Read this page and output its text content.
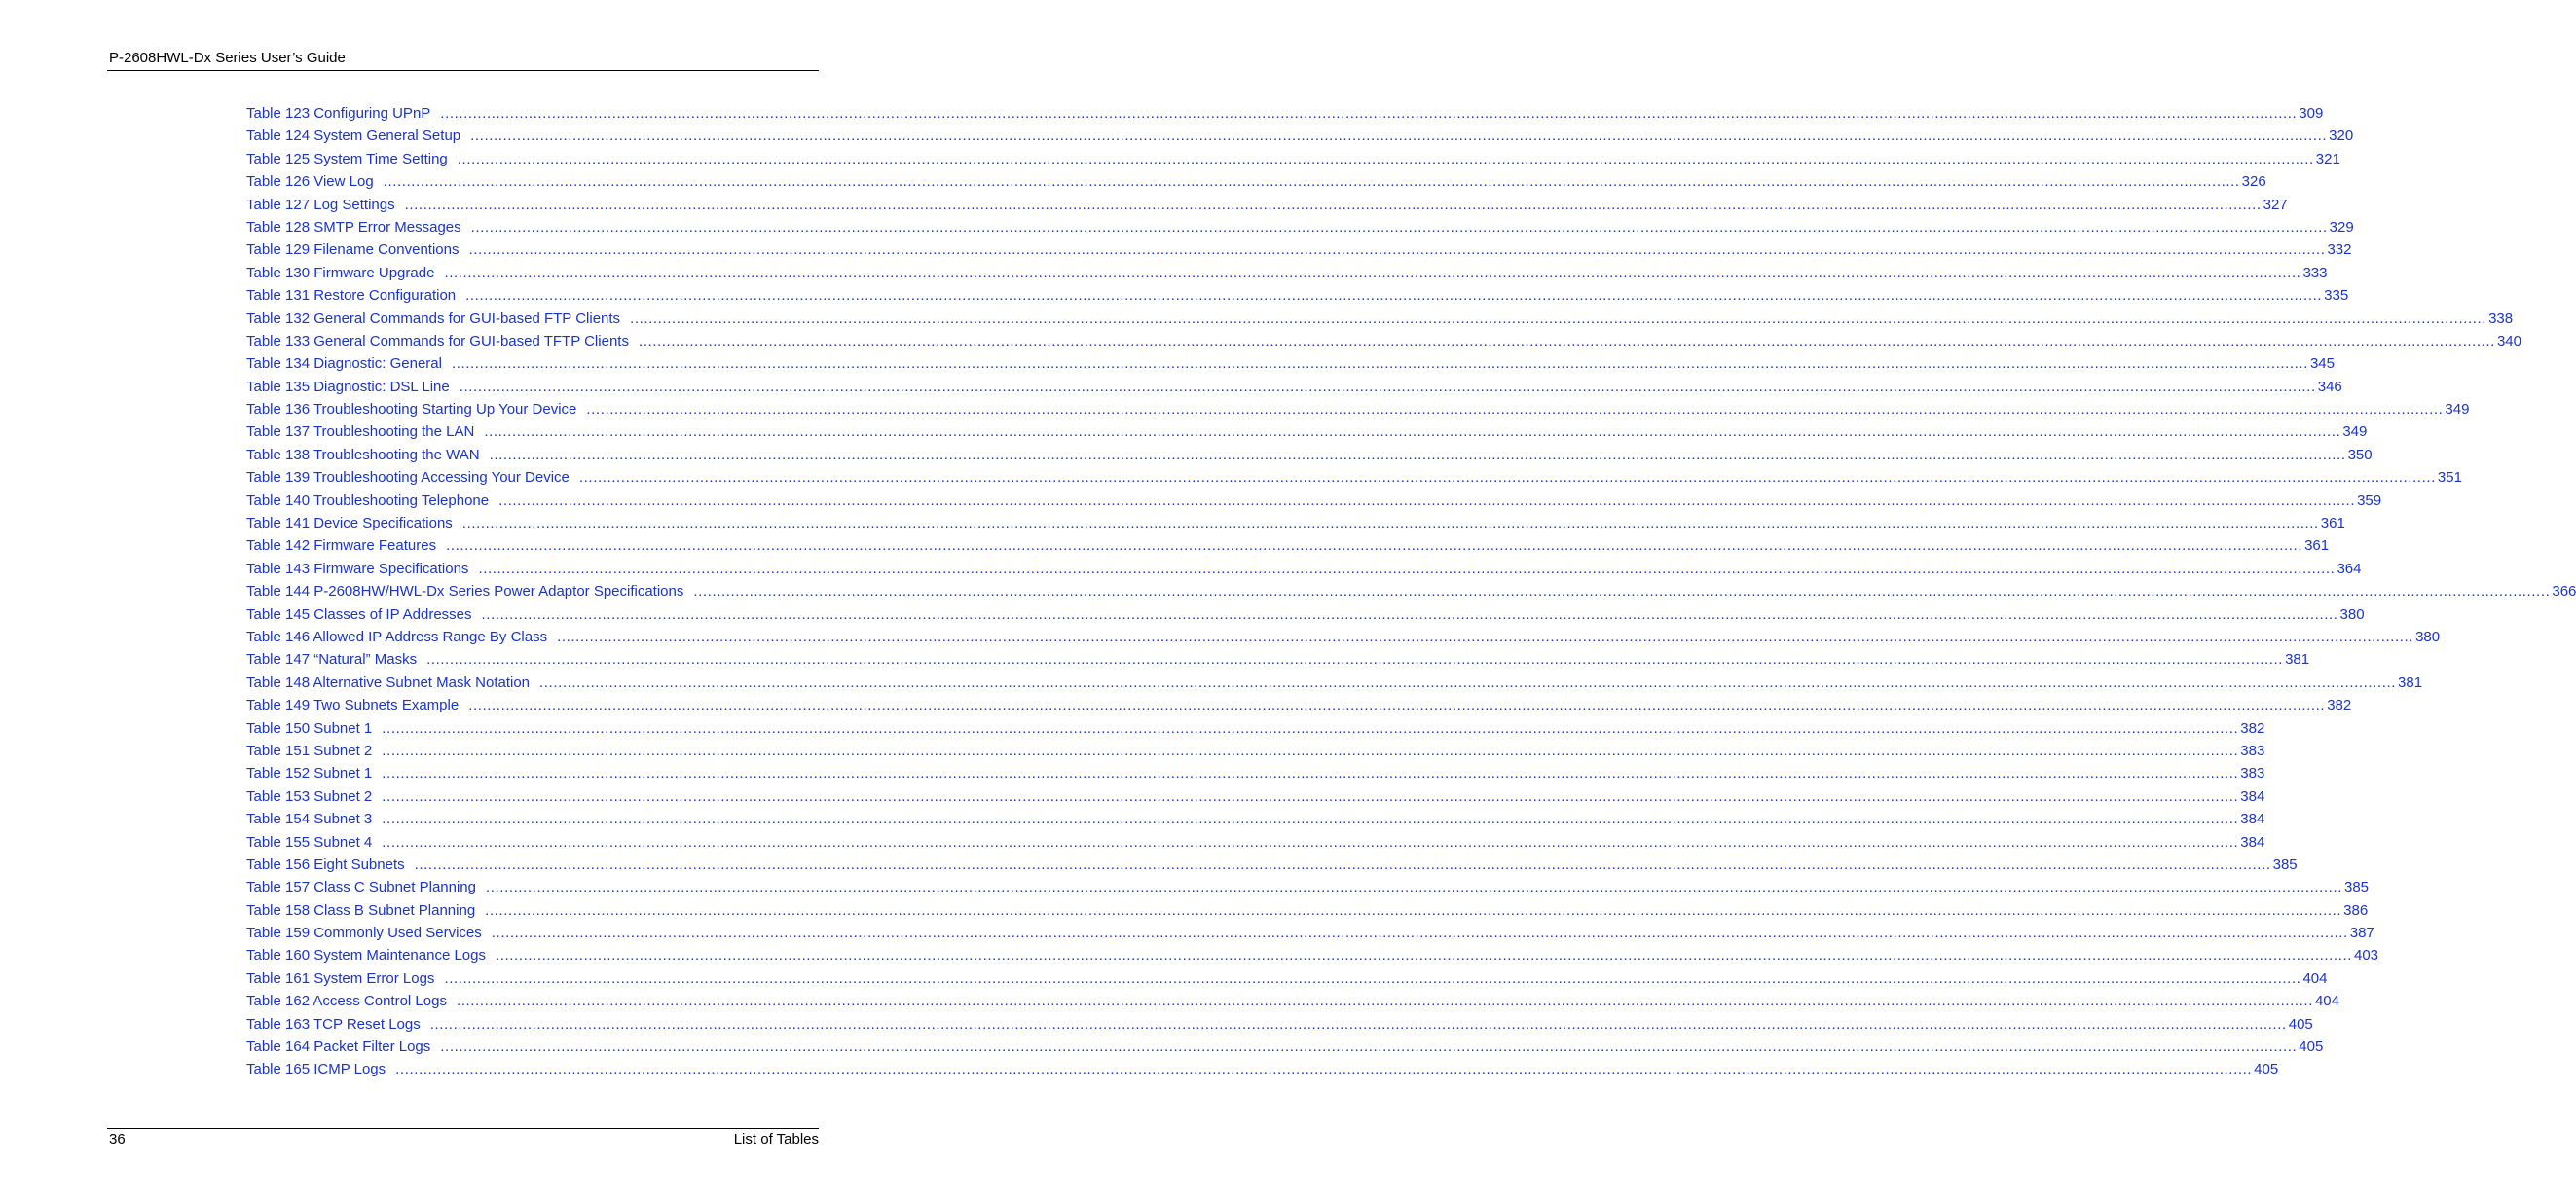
P-2608HWL-Dx Series User’s Guide
Table 123 Configuring UPnP ................................................................................................................................................................................................................................................................................................................................................................................................................ 309
Table 124 System General Setup ................................................................................................................................................................................................................................................................................................................................................................................................................ 320
Table 125 System Time Setting ................................................................................................................................................................................................................................................................................................................................................................................................................ 321
Table 126 View Log ................................................................................................................................................................................................................................................................................................................................................................................................................ 326
Table 127 Log Settings ................................................................................................................................................................................................................................................................................................................................................................................................................ 327
Table 128 SMTP Error Messages ................................................................................................................................................................................................................................................................................................................................................................................................................ 329
Table 129 Filename Conventions ................................................................................................................................................................................................................................................................................................................................................................................................................ 332
Table 130 Firmware Upgrade ................................................................................................................................................................................................................................................................................................................................................................................................................ 333
Table 131 Restore Configuration ................................................................................................................................................................................................................................................................................................................................................................................................................ 335
Table 132 General Commands for GUI-based FTP Clients ................................................................................................................................................................................................................................................................................................................................................................................................................ 338
Table 133 General Commands for GUI-based TFTP Clients ................................................................................................................................................................................................................................................................................................................................................................................................................ 340
Table 134 Diagnostic: General ................................................................................................................................................................................................................................................................................................................................................................................................................ 345
Table 135 Diagnostic: DSL Line ................................................................................................................................................................................................................................................................................................................................................................................................................ 346
Table 136 Troubleshooting Starting Up Your Device ................................................................................................................................................................................................................................................................................................................................................................................................................ 349
Table 137 Troubleshooting the LAN ................................................................................................................................................................................................................................................................................................................................................................................................................ 349
Table 138 Troubleshooting the WAN ................................................................................................................................................................................................................................................................................................................................................................................................................ 350
Table 139 Troubleshooting Accessing Your Device ................................................................................................................................................................................................................................................................................................................................................................................................................ 351
Table 140 Troubleshooting Telephone ................................................................................................................................................................................................................................................................................................................................................................................................................ 359
Table 141 Device Specifications ................................................................................................................................................................................................................................................................................................................................................................................................................ 361
Table 142 Firmware Features ................................................................................................................................................................................................................................................................................................................................................................................................................ 361
Table 143 Firmware Specifications ................................................................................................................................................................................................................................................................................................................................................................................................................ 364
Table 144 P-2608HW/HWL-Dx Series Power Adaptor Specifications ................................................................................................................................................................................................................................................................................................................................................................................................................ 366
Table 145 Classes of IP Addresses ................................................................................................................................................................................................................................................................................................................................................................................................................ 380
Table 146 Allowed IP Address Range By Class ................................................................................................................................................................................................................................................................................................................................................................................................................ 380
Table 147 “Natural” Masks ................................................................................................................................................................................................................................................................................................................................................................................................................ 381
Table 148 Alternative Subnet Mask Notation ................................................................................................................................................................................................................................................................................................................................................................................................................ 381
Table 149 Two Subnets Example ................................................................................................................................................................................................................................................................................................................................................................................................................ 382
Table 150 Subnet 1 ................................................................................................................................................................................................................................................................................................................................................................................................................ 382
Table 151 Subnet 2 ................................................................................................................................................................................................................................................................................................................................................................................................................ 383
Table 152 Subnet 1 ................................................................................................................................................................................................................................................................................................................................................................................................................ 383
Table 153 Subnet 2 ................................................................................................................................................................................................................................................................................................................................................................................................................ 384
Table 154 Subnet 3 ................................................................................................................................................................................................................................................................................................................................................................................................................ 384
Table 155 Subnet 4 ................................................................................................................................................................................................................................................................................................................................................................................................................ 384
Table 156 Eight Subnets ................................................................................................................................................................................................................................................................................................................................................................................................................ 385
Table 157 Class C Subnet Planning ................................................................................................................................................................................................................................................................................................................................................................................................................ 385
Table 158 Class B Subnet Planning ................................................................................................................................................................................................................................................................................................................................................................................................................ 386
Table 159 Commonly Used Services ................................................................................................................................................................................................................................................................................................................................................................................................................ 387
Table 160 System Maintenance Logs ................................................................................................................................................................................................................................................................................................................................................................................................................ 403
Table 161 System Error Logs ................................................................................................................................................................................................................................................................................................................................................................................................................ 404
Table 162 Access Control Logs ................................................................................................................................................................................................................................................................................................................................................................................................................ 404
Table 163 TCP Reset Logs ................................................................................................................................................................................................................................................................................................................................................................................................................ 405
Table 164 Packet Filter Logs ................................................................................................................................................................................................................................................................................................................................................................................................................ 405
Table 165 ICMP Logs ................................................................................................................................................................................................................................................................................................................................................................................................................ 405
36	List of Tables
